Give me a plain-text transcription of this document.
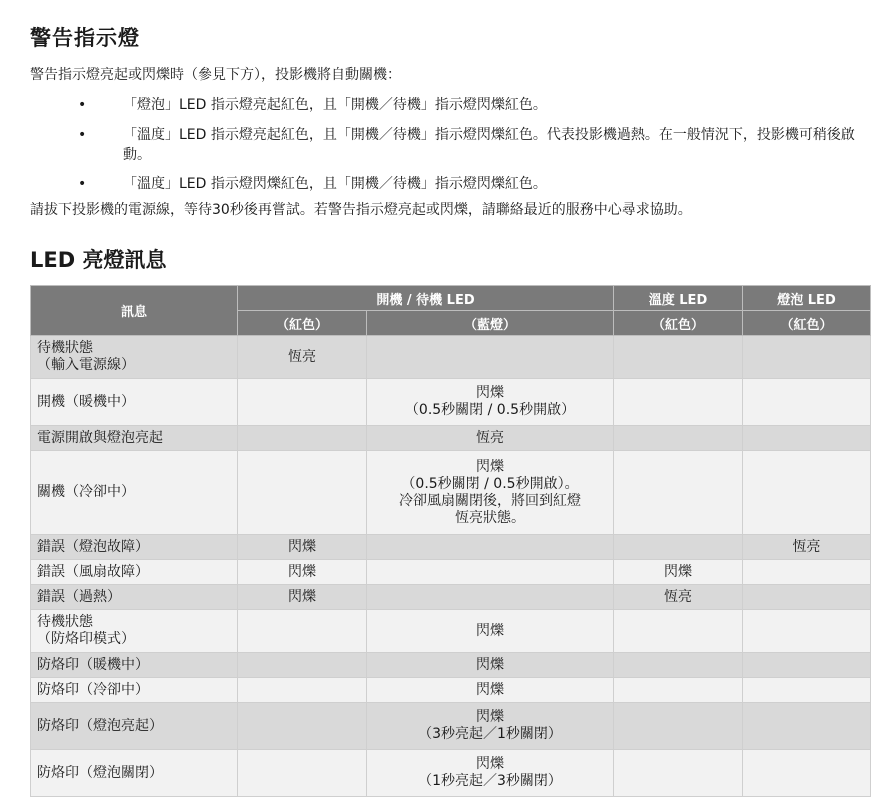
警告指示燈
警告指示燈亮起或閃爍時（參見下方），投影機將自動關機：
•	「燈泡」LED 指示燈亮起紅色，且「開機／待機」指示燈閃爍紅色。
•	「溫度」LED 指示燈亮起紅色，且「開機／待機」指示燈閃爍紅色。代表投影機過熱。在一般情況下，投影機可稍後啟動。
•	「溫度」LED 指示燈閃爍紅色，且「開機／待機」指示燈閃爍紅色。
請拔下投影機的電源線，等待30秒後再嘗試。若警告指示燈亮起或閃爍，請聯絡最近的服務中心尋求協助。
LED 亮燈訊息
訊息	開機 / 待機 LED		溫度 LED	燈泡 LED
	（紅色）	（藍燈）	（紅色）	（紅色）

待機狀態
（輸入電源線）	恆亮			

開機（暖機中）		閃爍
（0.5秒關閉 / 0.5秒開啟）		

電源開啟與燈泡亮起		恆亮		

關機（冷卻中）		閃爍
（0.5秒關閉 / 0.5秒開啟）。
冷卻風扇關閉後，將回到紅燈
恆亮狀態。		

錯誤（燈泡故障）	閃爍			恆亮

錯誤（風扇故障）	閃爍		閃爍	

錯誤（過熱）	閃爍		恆亮	

待機狀態
（防烙印模式）		閃爍		

防烙印（暖機中）		閃爍		

防烙印（冷卻中）		閃爍		

防烙印（燈泡亮起）		閃爍
（3秒亮起／1秒關閉）		

防烙印（燈泡關閉）		閃爍
（1秒亮起／3秒關閉）		
